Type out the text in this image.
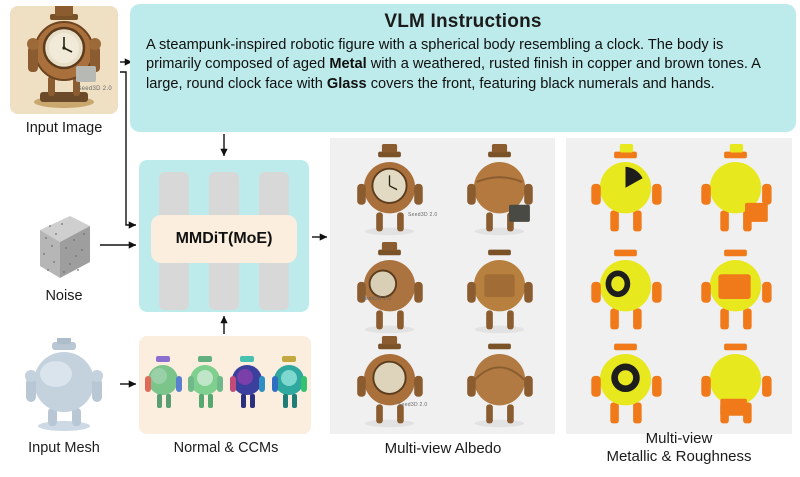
Seed3D 2.0
Input Image
VLM Instructions
A steampunk-inspired robotic figure with a spherical body resembling a clock. The body is primarily composed of aged Metal with a weathered, rusted finish in copper and brown tones. A large, round clock face with Glass covers the front, featuring black numerals and hands.
Noise
Input Mesh
MMDiT(MoE)
Normal & CCMs
Seed3D 2.0
Seed3D 2.0
Seed3D 2.0
Multi-view Albedo
Multi-view
Metallic & Roughness
